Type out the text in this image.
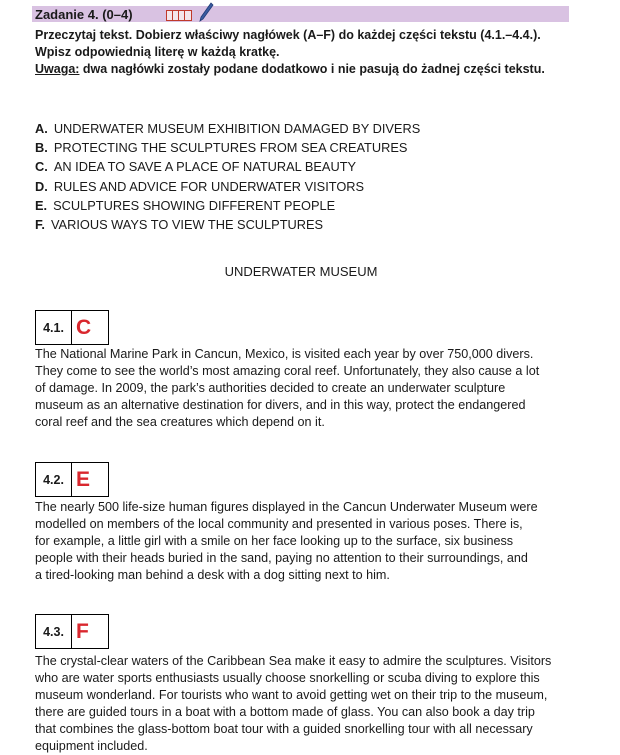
Zadanie 4. (0–4)
Przeczytaj tekst. Dobierz właściwy nagłówek (A–F) do każdej części tekstu (4.1.–4.4.).
Wpisz odpowiednią literę w każdą kratkę.
Uwaga: dwa nagłówki zostały podane dodatkowo i nie pasują do żadnej części tekstu.
A. UNDERWATER MUSEUM EXHIBITION DAMAGED BY DIVERS
B. PROTECTING THE SCULPTURES FROM SEA CREATURES
C. AN IDEA TO SAVE A PLACE OF NATURAL BEAUTY
D. RULES AND ADVICE FOR UNDERWATER VISITORS
E. SCULPTURES SHOWING DIFFERENT PEOPLE
F. VARIOUS WAYS TO VIEW THE SCULPTURES
UNDERWATER MUSEUM
4.1. C
The National Marine Park in Cancun, Mexico, is visited each year by over 750,000 divers.
They come to see the world’s most amazing coral reef. Unfortunately, they also cause a lot
of damage. In 2009, the park’s authorities decided to create an underwater sculpture
museum as an alternative destination for divers, and in this way, protect the endangered
coral reef and the sea creatures which depend on it.
4.2. E
The nearly 500 life-size human figures displayed in the Cancun Underwater Museum were
modelled on members of the local community and presented in various poses. There is,
for example, a little girl with a smile on her face looking up to the surface, six business
people with their heads buried in the sand, paying no attention to their surroundings, and
a tired-looking man behind a desk with a dog sitting next to him.
4.3. F
The crystal-clear waters of the Caribbean Sea make it easy to admire the sculptures. Visitors
who are water sports enthusiasts usually choose snorkelling or scuba diving to explore this
museum wonderland. For tourists who want to avoid getting wet on their trip to the museum,
there are guided tours in a boat with a bottom made of glass. You can also book a day trip
that combines the glass-bottom boat tour with a guided snorkelling tour with all necessary
equipment included.
